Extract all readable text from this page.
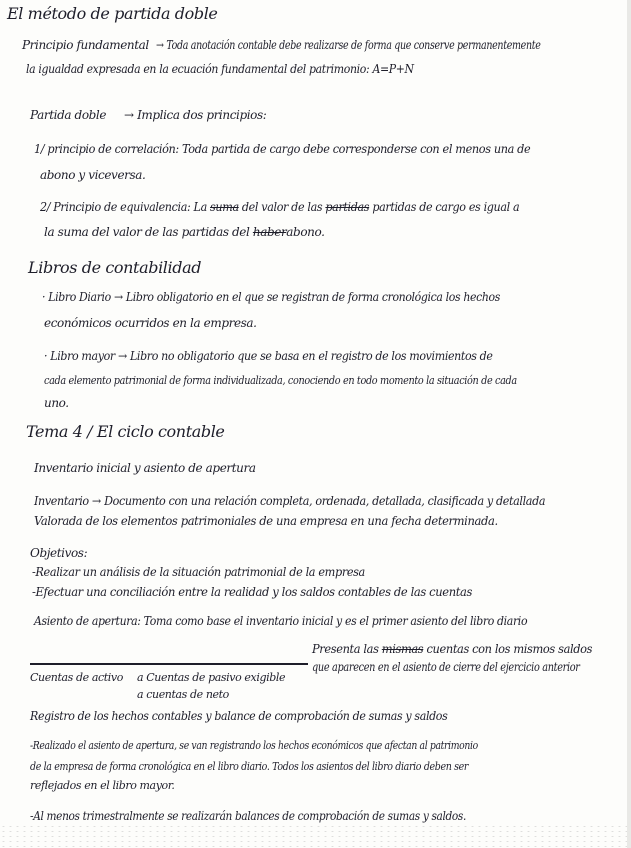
El método de partida doble
Principio fundamental → Toda anotación contable debe realizarse de forma que conserve permanentemente
la igualdad expresada en la ecuación fundamental del patrimonio: A=P+N
Partida doble → Implica dos principios:
1/ principio de correlación: Toda partida de cargo debe corresponderse con el menos una de
abono y viceversa.
2/ Principio de equivalencia: La suma del valor de las partidas partidas de cargo es igual a
la suma del valor de las partidas del haberabono.
Libros de contabilidad
· Libro Diario → Libro obligatorio en el que se registran de forma cronológica los hechos
económicos ocurridos en la empresa.
· Libro mayor → Libro no obligatorio que se basa en el registro de los movimientos de
cada elemento patrimonial de forma individualizada, conociendo en todo momento la situación de cada
uno.
Tema 4 / El ciclo contable
Inventario inicial y asiento de apertura
Inventario → Documento con una relación completa, ordenada, detallada, clasificada y detallada
Valorada de los elementos patrimoniales de una empresa en una fecha determinada.
Objetivos:
-Realizar un análisis de la situación patrimonial de la empresa
-Efectuar una conciliación entre la realidad y los saldos contables de las cuentas
Asiento de apertura: Toma como base el inventario inicial y es el primer asiento del libro diario
Presenta las mismas cuentas con los mismos saldos
que aparecen en el asiento de cierre del ejercicio anterior
Cuentas de activo a Cuentas de pasivo exigible
a cuentas de neto
Registro de los hechos contables y balance de comprobación de sumas y saldos
-Realizado el asiento de apertura, se van registrando los hechos económicos que afectan al patrimonio
de la empresa de forma cronológica en el libro diario. Todos los asientos del libro diario deben ser
reflejados en el libro mayor.
-Al menos trimestralmente se realizarán balances de comprobación de sumas y saldos.
